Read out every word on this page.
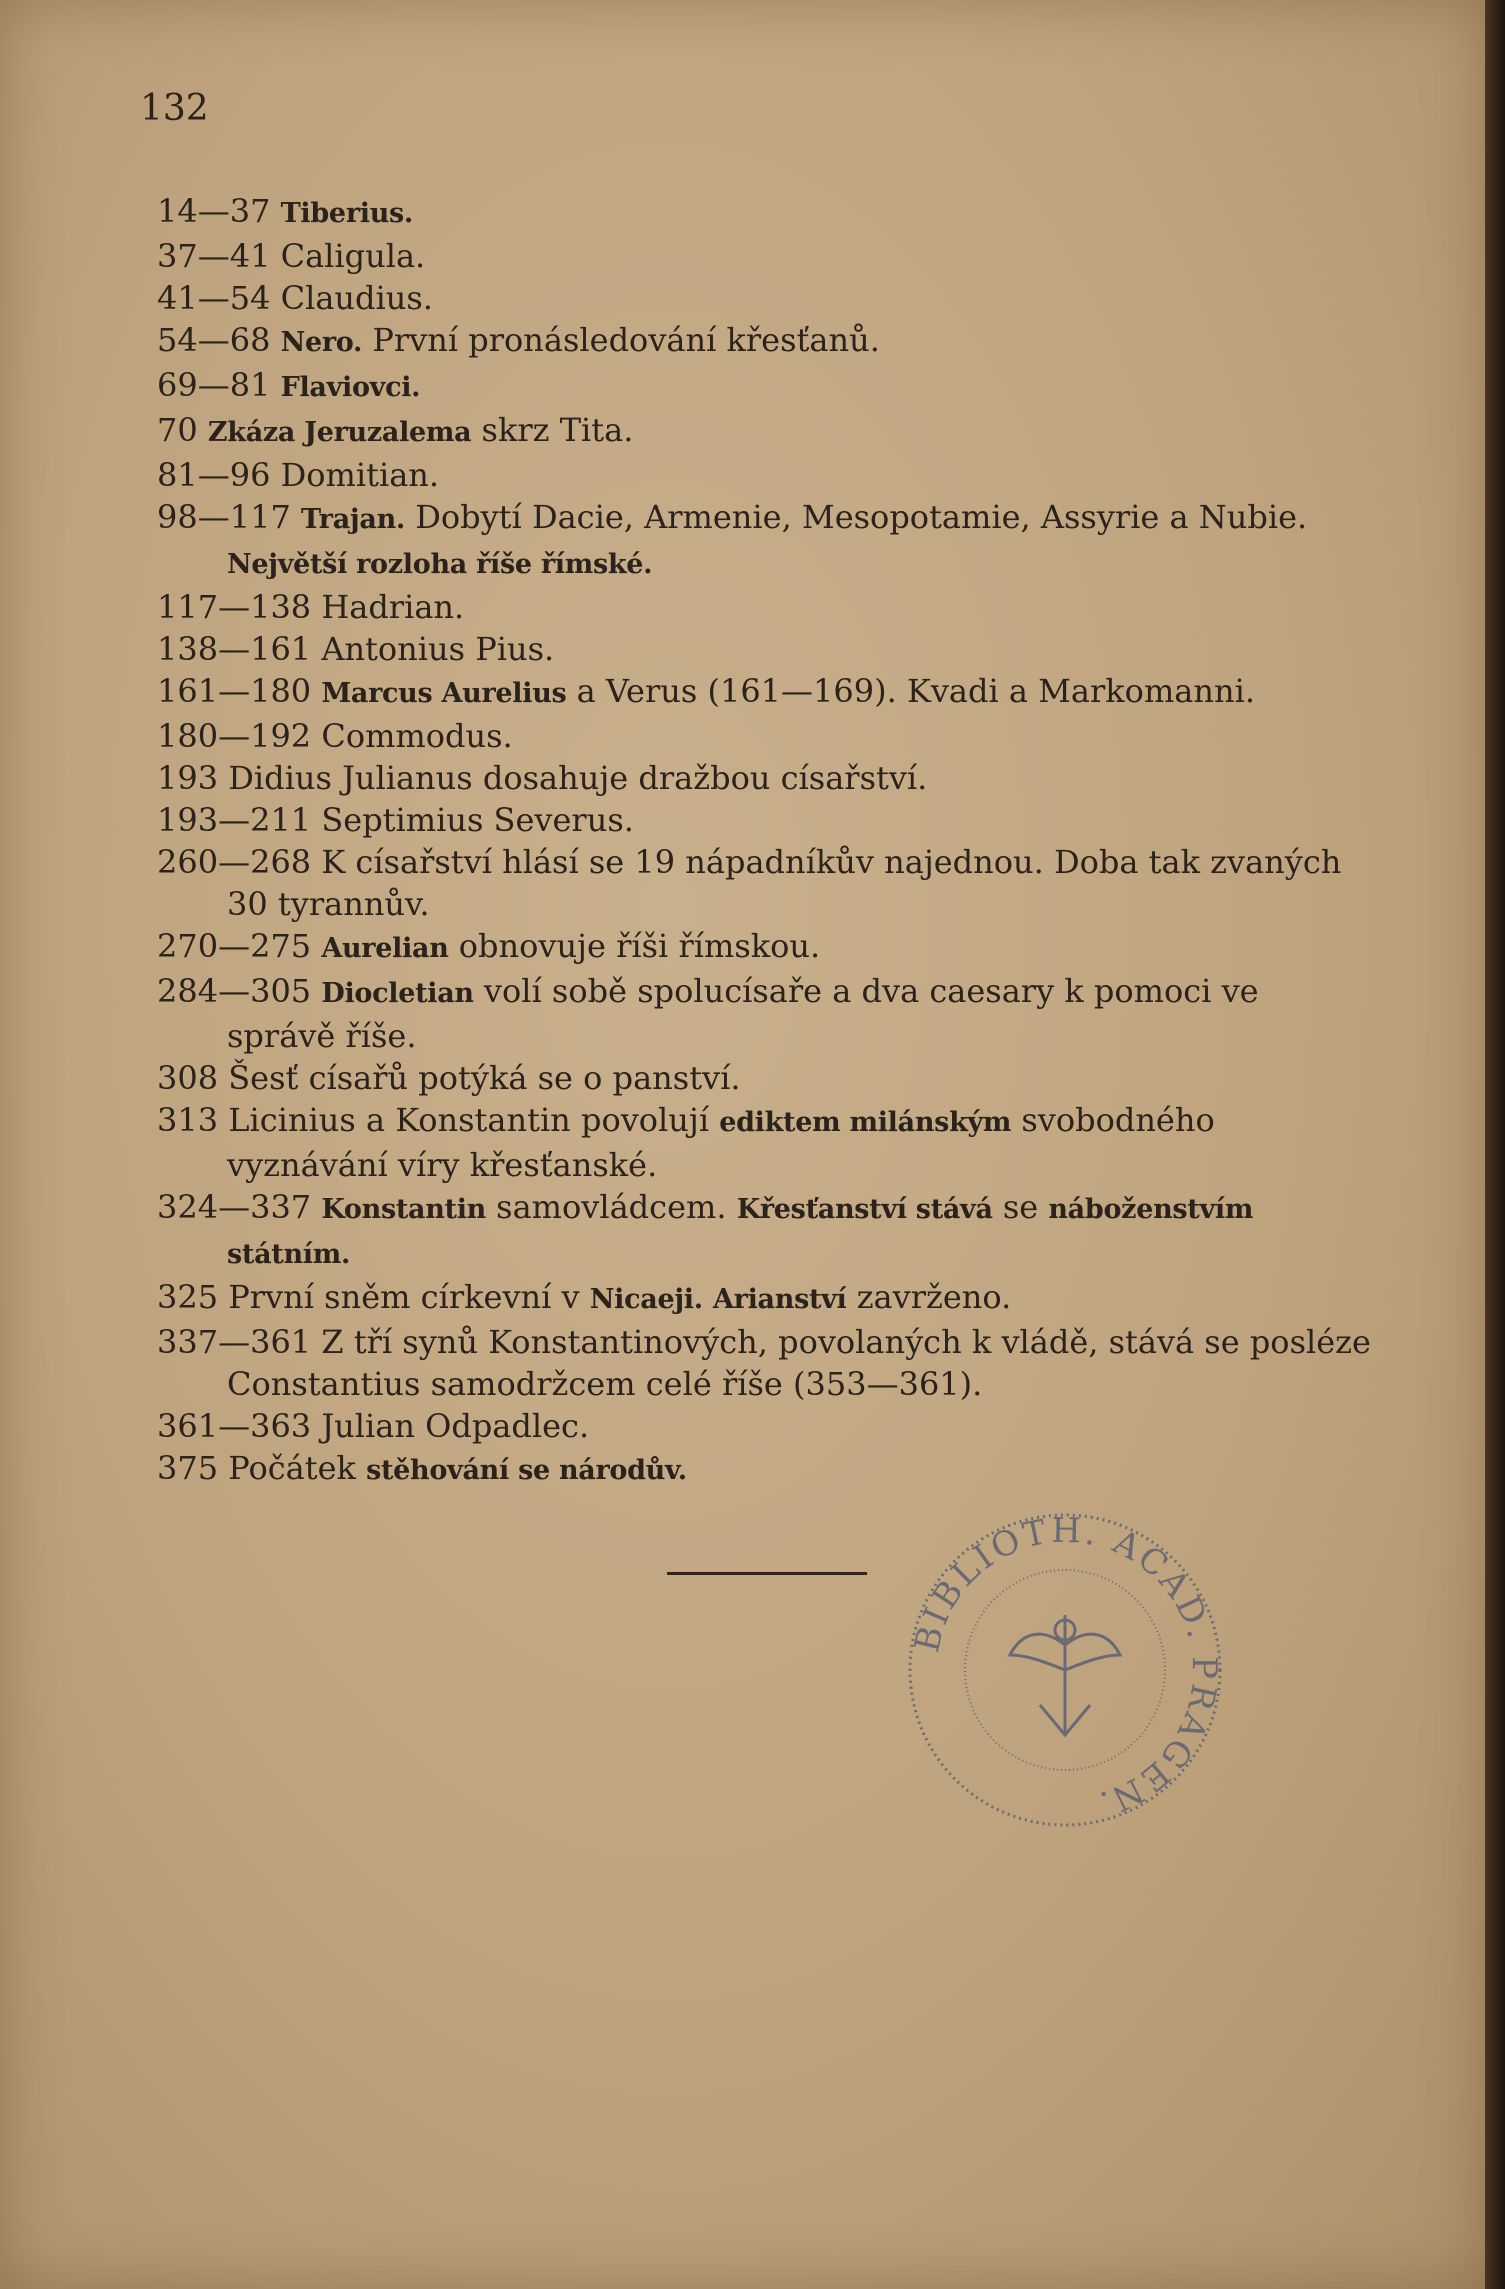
132

14—37 Tiberius.

37—41 Caligula.

41—54 Claudius.

54—68 Nero. První pronásledování křesťanů.

69—81 Flaviovci.

70 Zkáza Jeruzalema skrz Tita.

81—96 Domitian.

98—117 Trajan. Dobytí Dacie, Armenie, Mesopotamie, Assyrie a Nubie. Největší rozloha říše římské.

117—138 Hadrian.

138—161 Antonius Pius.

161—180 Marcus Aurelius a Verus (161—169). Kvadi a Markomanni.

180—192 Commodus.

193 Didius Julianus dosahuje dražbou císařství.

193—211 Septimius Severus.

260—268 K císařství hlásí se 19 nápadníkův najednou. Doba tak zvaných 30 tyrannův.

270—275 Aurelian obnovuje říši římskou.

284—305 Diocletian volí sobě spolucísaře a dva caesary k pomoci ve správě říše.

308 Šesť císařů potýká se o panství.

313 Licinius a Konstantin povolují ediktem milánským svobodného vyznávání víry křesťanské.

324—337 Konstantin samovládcem. Křesťanství stává se náboženstvím státním.

325 První sněm církevní v Nicaeji. Arianství zavrženo.

337—361 Z tří synů Konstantinových, povolaných k vládě, stává se posléze Constantius samodržcem celé říše (353—361).

361—363 Julian Odpadlec.

375 Počátek stěhování se národův.

BIBLIOTH. ACAD. PRAGEN.
